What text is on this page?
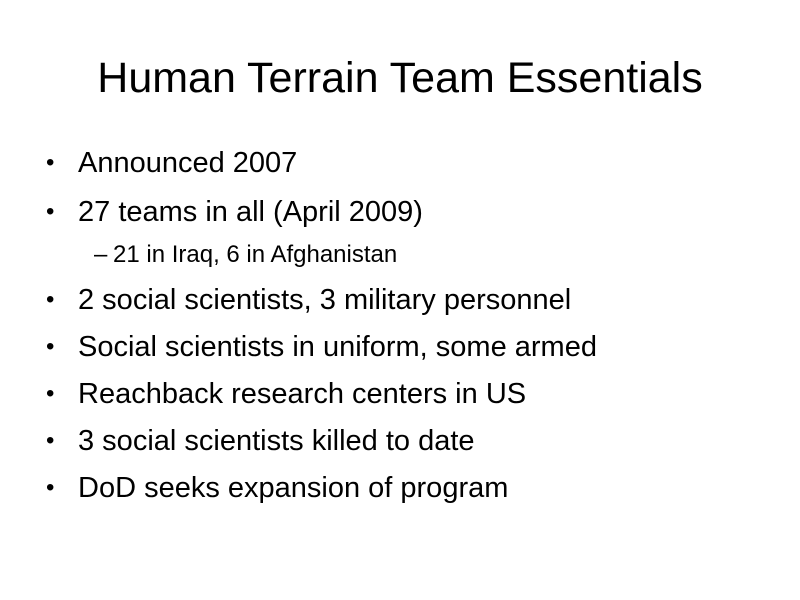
Human Terrain Team Essentials
• Announced 2007
• 27 teams in all (April 2009)
– 21 in Iraq, 6 in Afghanistan
• 2 social scientists, 3 military personnel
• Social scientists in uniform, some armed
• Reachback research centers in US
• 3 social scientists killed to date
• DoD seeks expansion of program
